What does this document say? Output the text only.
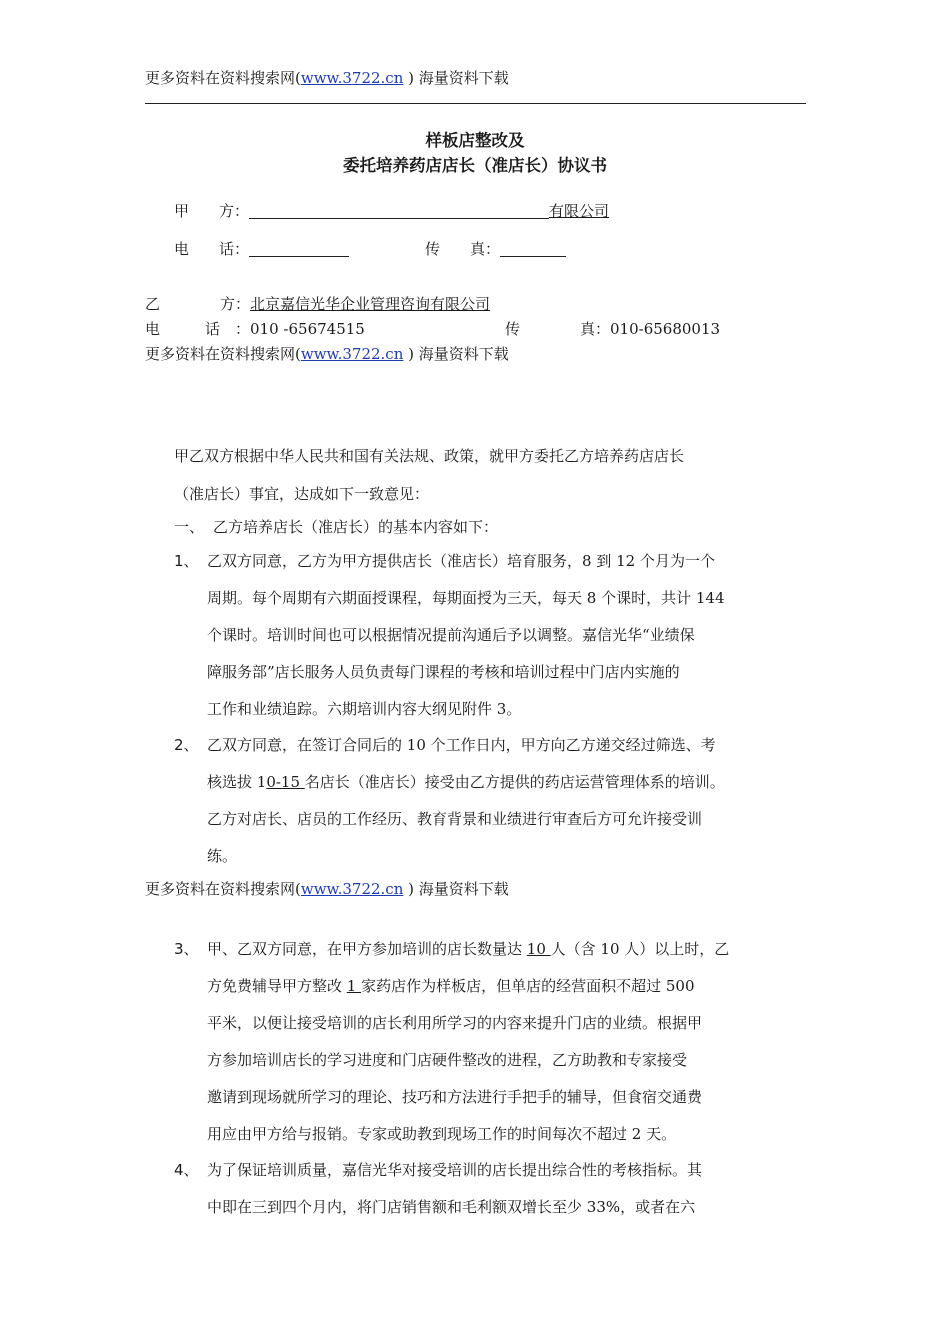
更多资料在资料搜索网(www.3722.cn ) 海量资料下载
样板店整改及
委托培养药店店长（准店长）协议书
甲　　方：	有限公司
电　　话：	传　　真：
乙　　　　方：北京嘉信光华企业管理咨询有限公司
电　　　话　：010 -65674515	传　　　　真：010-65680013
更多资料在资料搜索网(www.3722.cn ) 海量资料下载
甲乙双方根据中华人民共和国有关法规、政策，就甲方委托乙方培养药店店长
（准店长）事宜，达成如下一致意见：
一、 乙方培养店长（准店长）的基本内容如下：
1、 乙双方同意，乙方为甲方提供店长（准店长）培育服务，8 到 12 个月为一个
周期。每个周期有六期面授课程，每期面授为三天，每天 8 个课时，共计 144
个课时。培训时间也可以根据情况提前沟通后予以调整。嘉信光华“业绩保
障服务部”店长服务人员负责每门课程的考核和培训过程中门店内实施的
工作和业绩追踪。六期培训内容大纲见附件 3。
2、 乙双方同意，在签订合同后的 10 个工作日内，甲方向乙方递交经过筛选、考
核选拔 10-15 名店长（准店长）接受由乙方提供的药店运营管理体系的培训。
乙方对店长、店员的工作经历、教育背景和业绩进行审查后方可允许接受训
练。
更多资料在资料搜索网(www.3722.cn ) 海量资料下载
3、 甲、乙双方同意，在甲方参加培训的店长数量达 10 人（含 10 人）以上时，乙
方免费辅导甲方整改 1 家药店作为样板店，但单店的经营面积不超过 500
平米，以便让接受培训的店长利用所学习的内容来提升门店的业绩。根据甲
方参加培训店长的学习进度和门店硬件整改的进程，乙方助教和专家接受
邀请到现场就所学习的理论、技巧和方法进行手把手的辅导，但食宿交通费
用应由甲方给与报销。专家或助教到现场工作的时间每次不超过 2 天。
4、 为了保证培训质量，嘉信光华对接受培训的店长提出综合性的考核指标。其
中即在三到四个月内，将门店销售额和毛利额双增长至少 33%，或者在六
